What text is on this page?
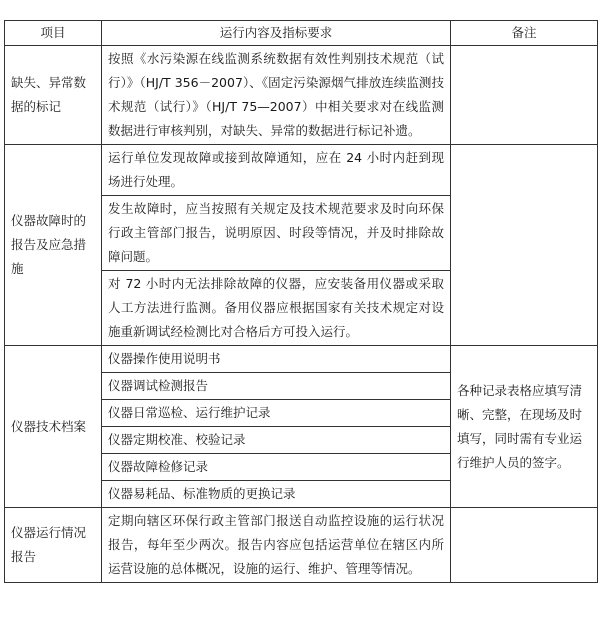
项目	运行内容及指标要求	备注
缺失、异常数据的标记	按照《水污染源在线监测系统数据有效性判别技术规范（试行）》（HJ/T 356－2007）、《固定污染源烟气排放连续监测技术规范（试行）》（HJ/T 75—2007）中相关要求对在线监测数据进行审核判别，对缺失、异常的数据进行标记补遗。	
仪器故障时的报告及应急措施	运行单位发现故障或接到故障通知，应在 24 小时内赶到现场进行处理。	
	发生故障时，应当按照有关规定及技术规范要求及时向环保行政主管部门报告，说明原因、时段等情况，并及时排除故障问题。	
	对 72 小时内无法排除故障的仪器，应安装备用仪器或采取人工方法进行监测。备用仪器应根据国家有关技术规定对设施重新调试经检测比对合格后方可投入运行。	
仪器技术档案	仪器操作使用说明书	各种记录表格应填写清晰、完整，在现场及时填写，同时需有专业运行维护人员的签字。
	仪器调试检测报告	
	仪器日常巡检、运行维护记录	
	仪器定期校准、校验记录	
	仪器故障检修记录	
	仪器易耗品、标准物质的更换记录	
仪器运行情况报告	定期向辖区环保行政主管部门报送自动监控设施的运行状况报告，每年至少两次。报告内容应包括运营单位在辖区内所运营设施的总体概况，设施的运行、维护、管理等情况。	
